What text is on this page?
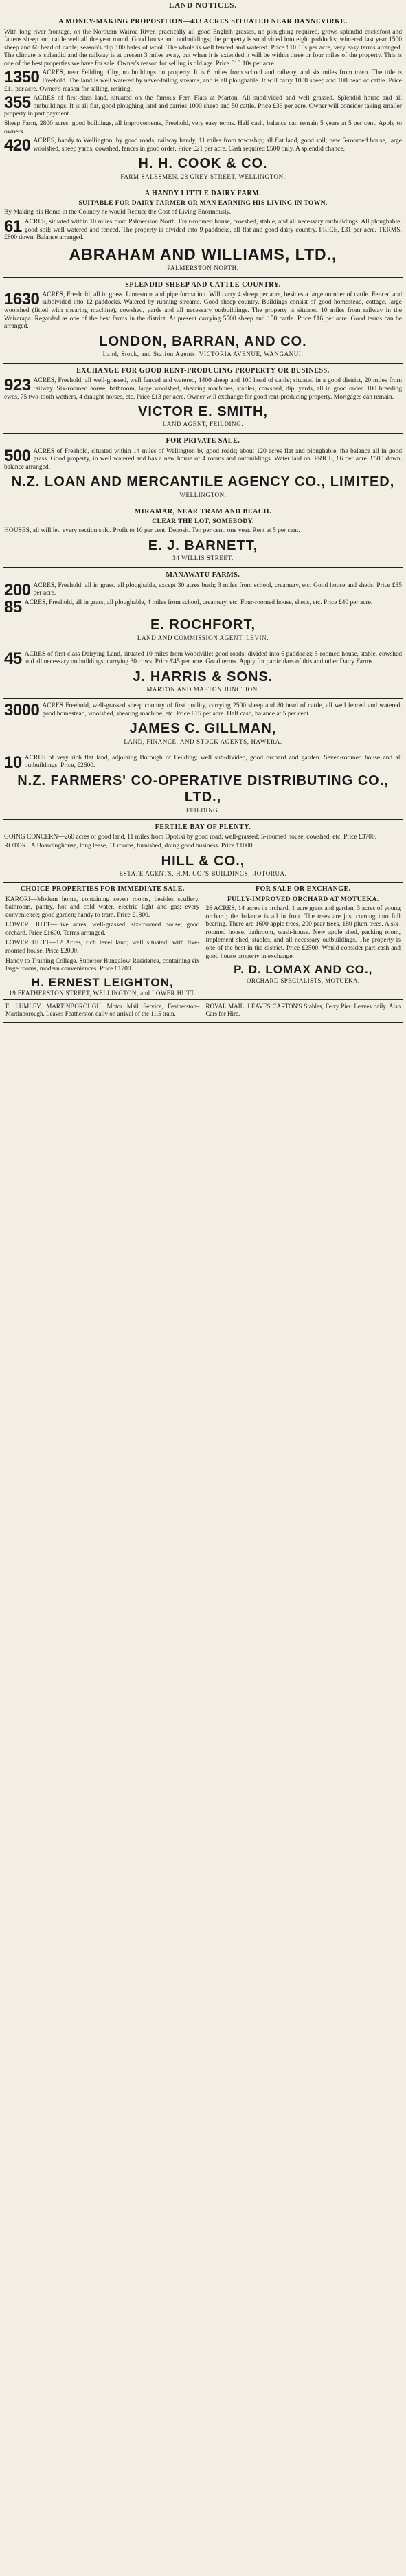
LAND NOTICES.
A MONEY-MAKING PROPOSITION—433 ACRES SITUATED NEAR DANNEVIRKE.

With long river frontage, on the Northern Wairoa River, practically all good English grasses, no ploughing required, grows splendid cocksfoot and fattens sheep and cattle well all the year round. Good house and outbuildings; the property is subdivided into eight paddocks; wintered last year 1500 sheep and 60 head of cattle; season's clip 100 bales of wool. The whole is well fenced and watered. Price £10 10s per acre, very easy terms arranged. The climate is splendid and the railway is at present 3 miles away, but when it is extended it will be within three or four miles of the property. This is one of the best properties we have for sale. Owner's reason for selling is old age. Price £10 10s per acre.

1350 ACRES, near Feilding. City, no buildings on property. It is 6 miles from school and railway, and six miles from town. The title is Freehold. The land is well watered by never-failing streams, and is all ploughable. It will carry 1000 sheep and 100 head of cattle. Price £11 per acre. Owner's reason for selling, retiring.

355 ACRES of first-class land, situated on the famous Fern Flats at Marton. All subdivided and well grassed. Splendid house and all outbuildings. It is all flat, good ploughing land and carries 1000 sheep and 50 cattle. Price £36 per acre. Owner will consider taking smaller property in part payment.

Sheep Farm, 2800 acres, good buildings, all improvements, Freehold, very easy terms. Half cash, balance can remain 5 years at 5 per cent. Apply to owners.

420 ACRES, handy to Wellington, by good roads, railway handy, 11 miles from township; all flat land, good soil; new 6-roomed house, large woolshed, sheep yards, cowshed, fences in good order. Price £21 per acre. Cash required £500 only. A splendid chance.

H. H. COOK & CO.
FARM SALESMEN, 23 GREY STREET, WELLINGTON.
A HANDY LITTLE DAIRY FARM.
SUITABLE FOR DAIRY FARMER OR MAN EARNING HIS LIVING IN TOWN.

By Making his Home in the Country he would Reduce the Cost of Living Enormously.

61 ACRES, situated within 10 miles from Palmerston North. Four-roomed house, cowshed, stable, and all necessary outbuildings. All ploughable; good soil; well watered and fenced. The property is divided into 9 paddocks, all flat and good dairy country. PRICE, £31 per acre. TERMS, £800 down. Balance arranged.

ABRAHAM AND WILLIAMS, LTD.,
PALMERSTON NORTH.
SPLENDID SHEEP AND CATTLE COUNTRY.
1630 ACRES, Freehold, all in grass. Limestone and pipe formation. Will carry 4 sheep per acre, besides a large number of cattle. Fenced and subdivided into 12 paddocks. Watered by running streams. Good sheep country. Buildings consist of good homestead, cottage, large woolshed (fitted with shearing machine), cowshed, yards and all necessary outbuildings. The property is situated 10 miles from railway in the Wairarapa. Regarded as one of the best farms in the district. At present carrying 5500 sheep and 150 cattle. Price £16 per acre. Good terms can be arranged.

LONDON, BARRAN, AND CO.
Land, Stock, and Station Agents, VICTORIA AVENUE, WANGANUI.
EXCHANGE FOR GOOD RENT-PRODUCING PROPERTY OR BUSINESS.
923 ACRES, Freehold, all well-grassed, well fenced and watered, 1400 sheep and 100 head of cattle; situated in a good district, 20 miles from railway. Six-roomed house, bathroom, large woolshed, shearing machines, stables, cowshed, dip, yards, all in good order. 100 breeding ewes, 75 two-tooth wethers, 4 draught horses, etc. Price £13 per acre. Owner will exchange for good rent-producing property. Mortgages can remain.

VICTOR E. SMITH,
LAND AGENT, FEILDING.
FOR PRIVATE SALE.
500 ACRES of Freehold, situated within 14 miles of Wellington by good roads; about 120 acres flat and ploughable, the balance all in good grass. Good property, in well watered and has a new house of 4 rooms and outbuildings. Water laid on. PRICE, £6 per acre. £500 down, balance arranged.

N.Z. LOAN AND MERCANTILE AGENCY CO., LIMITED,
WELLINGTON.
MIRAMAR, NEAR TRAM AND BEACH.
CLEAR THE LOT, SOMEBODY.

HOUSES, all will let, every section sold. Profit to 10 per cent. Deposit. Ten per cent, one year. Rent at 5 per cent.

E. J. BARNETT,
34 WILLIS STREET.
MANAWATU FARMS.
200 ACRES, Freehold, all in grass, all ploughable, except 30 acres bush; 3 miles from school, creamery, etc. Good house and sheds. Price £35 per acre.

85 ACRES, Freehold, all in grass, all ploughable, 4 miles from school, creamery, etc. Four-roomed house, sheds, etc. Price £40 per acre.

E. ROCHFORT,
LAND AND COMMISSION AGENT, LEVIN.
45 ACRES of first-class Dairying Land, situated 10 miles from Woodville; good roads; divided into 6 paddocks; 5-roomed house, stable, cowshed and all necessary outbuildings; carrying 30 cows. Price £45 per acre. Good terms. Apply for particulars of this and other Dairy Farms.

J. HARRIS & SONS.
MARTON AND MASTON JUNCTION.
3000 ACRES Freehold, well-grassed sheep country of first quality, carrying 2500 sheep and 80 head of cattle, all well fenced and watered; good homestead, woolshed, shearing machine, etc. Price £15 per acre. Half cash, balance at 5 per cent.

JAMES C. GILLMAN,
LAND, FINANCE, AND STOCK AGENTS, HAWERA.
10 ACRES of very rich flat land, adjoining Borough of Feilding; well sub-divided, good orchard and garden. Seven-roomed house and all outbuildings. Price, £2600.

N.Z. FARMERS' CO-OPERATIVE DISTRIBUTING CO., LTD.,
FEILDING.
FERTILE BAY OF PLENTY.

GOING CONCERN—260 acres of good land, 11 miles from Opotiki by good road; well-grassed; 5-roomed house, cowshed, etc. Price £3700.

ROTORUA Boardinghouse, long lease, 11 rooms, furnished, doing good business. Price £1000.

HILL & CO.,
ESTATE AGENTS, H.M. CO.'S BUILDINGS, ROTORUA.
CHOICE PROPERTIES FOR IMMEDIATE SALE.

KARORI—Modern home, containing seven rooms, besides scullery, bathroom, pantry, hot and cold water, electric light and gas; every convenience; good garden; handy to tram. Price £1800.

LOWER HUTT—Five acres, well-grassed; six-roomed house; good orchard. Price £1600. Terms arranged.

LOWER HUTT—12 Acres, rich level land; well situated; with five-roomed house. Price £2000.

Handy to Training College. Superior Bungalow Residence, containing six large rooms, modern conveniences. Price £1700.

H. ERNEST LEIGHTON,
19 FEATHERSTON STREET, WELLINGTON, and LOWER HUTT.
FOR SALE OR EXCHANGE.
FULLY-IMPROVED ORCHARD AT MOTUEKA.

26 ACRES, 14 acres in orchard, 1 acre grass and garden, 3 acres of young orchard; the balance is all in fruit. The trees are just coming into full bearing. There are 1600 apple trees, 200 pear trees, 180 plum trees. A six-roomed house, bathroom, wash-house. New apple shed, packing room, implement shed, stables, and all necessary outbuildings. The property is one of the best in the district. Price £2500. Would consider part cash and good house property in exchange.

P. D. LOMAX AND CO.,
ORCHARD SPECIALISTS, MOTUEKA.

E. LUMLEY, MARTINBOROUGH. Motor Mail Service, Featherston–Martinborough. Leaves Featherston daily on arrival of the 11.5 train.

ROYAL MAIL. LEAVES CARTON'S Stables, Ferry Pier. Leaves daily. Also Cars for Hire.
